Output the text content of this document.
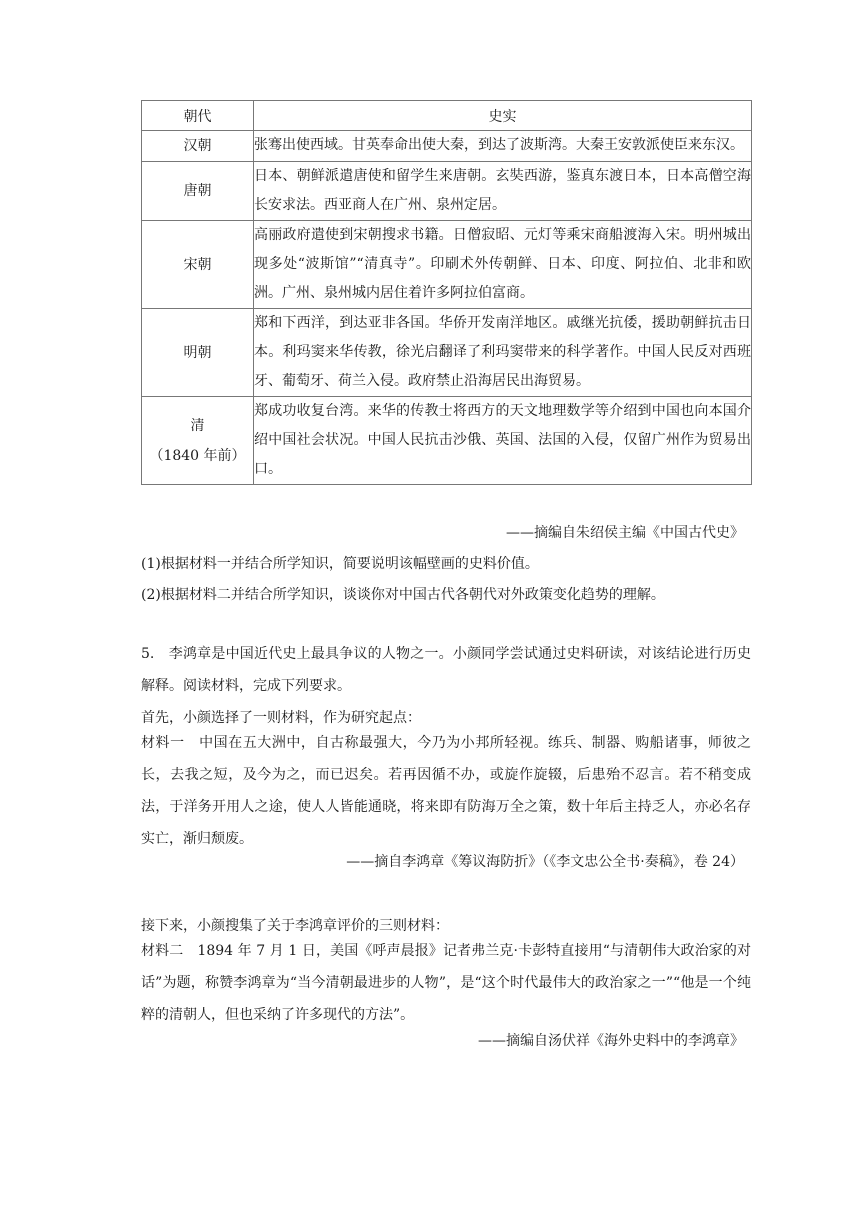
朝代	史实
汉朝	张骞出使西域。甘英奉命出使大秦，到达了波斯湾。大秦王安敦派使臣来东汉。
唐朝	日本、朝鲜派遣唐使和留学生来唐朝。玄奘西游，鉴真东渡日本，日本高僧空海长安求法。西亚商人在广州、泉州定居。
宋朝	高丽政府遣使到宋朝搜求书籍。日僧寂昭、元灯等乘宋商船渡海入宋。明州城出现多处“波斯馆”“清真寺”。印刷术外传朝鲜、日本、印度、阿拉伯、北非和欧洲。广州、泉州城内居住着许多阿拉伯富商。
明朝	郑和下西洋，到达亚非各国。华侨开发南洋地区。戚继光抗倭，援助朝鲜抗击日本。利玛窦来华传教，徐光启翻译了利玛窦带来的科学著作。中国人民反对西班牙、葡萄牙、荷兰入侵。政府禁止沿海居民出海贸易。

清
（1840 年前）	郑成功收复台湾。来华的传教士将西方的天文地理数学等介绍到中国也向本国介绍中国社会状况。中国人民抗击沙俄、英国、法国的入侵，仅留广州作为贸易出口。
——摘编自朱绍侯主编《中国古代史》
(1)根据材料一并结合所学知识，简要说明该幅壁画的史料价值。
(2)根据材料二并结合所学知识，谈谈你对中国古代各朝代对外政策变化趋势的理解。
5.　李鸿章是中国近代史上最具争议的人物之一。小颜同学尝试通过史料研读，对该结论进行历史解释。阅读材料，完成下列要求。
首先，小颜选择了一则材料，作为研究起点：
材料一　中国在五大洲中，自古称最强大，今乃为小邦所轻视。练兵、制器、购船诸事，师彼之长，去我之短，及今为之，而已迟矣。若再因循不办，或旋作旋辍，后患殆不忍言。若不稍变成法，于洋务开用人之途，使人人皆能通晓，将来即有防海万全之策，数十年后主持乏人，亦必名存实亡，渐归颓废。
——摘自李鸿章《筹议海防折》（《李文忠公全书·奏稿》，卷 24）
接下来，小颜搜集了关于李鸿章评价的三则材料：
材料二　1894 年 7 月 1 日，美国《呼声晨报》记者弗兰克·卡彭特直接用“与清朝伟大政治家的对话”为题，称赞李鸿章为“当今清朝最进步的人物”，是“这个时代最伟大的政治家之一”“他是一个纯粹的清朝人，但也采纳了许多现代的方法”。
——摘编自汤伏祥《海外史料中的李鸿章》
